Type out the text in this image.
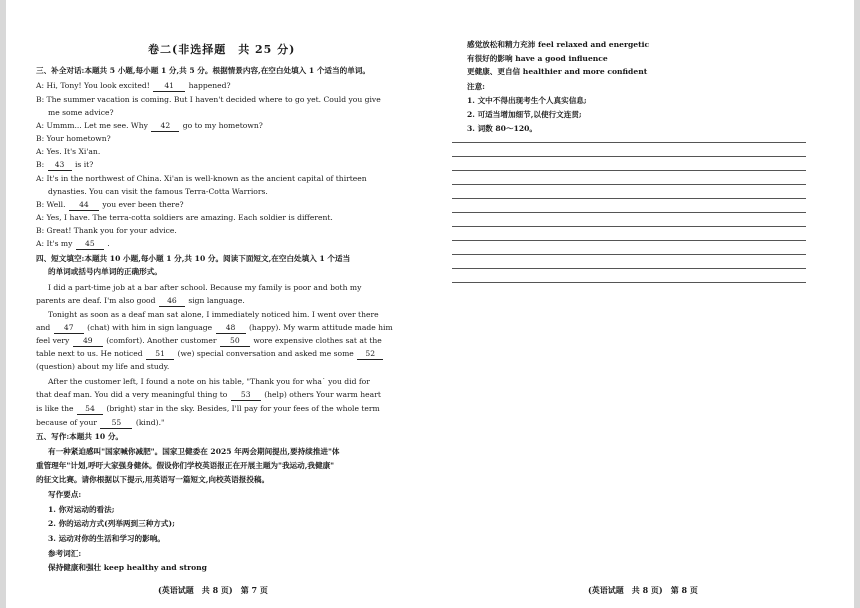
卷二(非选择题　共 25 分)
三、补全对话:本题共 5 小题,每小题 1 分,共 5 分。根据情景内容,在空白处填入 1 个适当的单词。
A: Hi, Tony! You look excited! 41 happened?
B: The summer vacation is coming. But I haven't decided where to go yet. Could you give
me some advice?
A: Ummm... Let me see. Why 42 go to my hometown?
B: Your hometown?
A: Yes. It's Xi'an.
B: 43 is it?
A: It's in the northwest of China. Xi'an is well-known as the ancient capital of thirteen
dynasties. You can visit the famous Terra-Cotta Warriors.
B: Well. 44 you ever been there?
A: Yes, I have. The terra-cotta soldiers are amazing. Each soldier is different.
B: Great! Thank you for your advice.
A: It's my 45 .
四、短文填空:本题共 10 小题,每小题 1 分,共 10 分。阅读下面短文,在空白处填入 1 个适当
的单词或括号内单词的正确形式。
I did a part-time job at a bar after school. Because my family is poor and both my
parents are deaf. I'm also good 46 sign language.
Tonight as soon as a deaf man sat alone, I immediately noticed him. I went over there
and 47 (chat) with him in sign language 48 (happy). My warm attitude made him
feel very 49 (comfort). Another customer 50 wore expensive clothes sat at the
table next to us. He noticed 51 (we) special conversation and asked me some 52
(question) about my life and study.
After the customer left, I found a note on his table, "Thank you for wha˙ you did for
that deaf man. You did a very meaningful thing to 53 (help) others Your warm heart
is like the 54 (bright) star in the sky. Besides, I'll pay for your fees of the whole term
because of your 55 (kind)."
五、写作:本题共 10 分。
有一种紧迫感叫"国家喊你减肥"。国家卫健委在 2025 年两会期间提出,要持续推进"体
重管理年"计划,呼吁大家强身健体。假设你们学校英语报正在开展主题为"我运动,我健康"
的征文比赛。请你根据以下提示,用英语写一篇短文,向校英语报投稿。
写作要点:
1. 你对运动的看法;
2. 你的运动方式(列举两到三种方式);
3. 运动对你的生活和学习的影响。
参考词汇:
保持健康和强壮 keep healthy and strong
(英语试题　共 8 页)　第 7 页
感觉放松和精力充沛 feel relaxed and energetic
有很好的影响 have a good influence
更健康、更自信 healthier and more confident
注意:
1. 文中不得出现考生个人真实信息;
2. 可适当增加细节,以使行文连贯;
3. 词数 80～120。
(英语试题　共 8 页)　第 8 页
